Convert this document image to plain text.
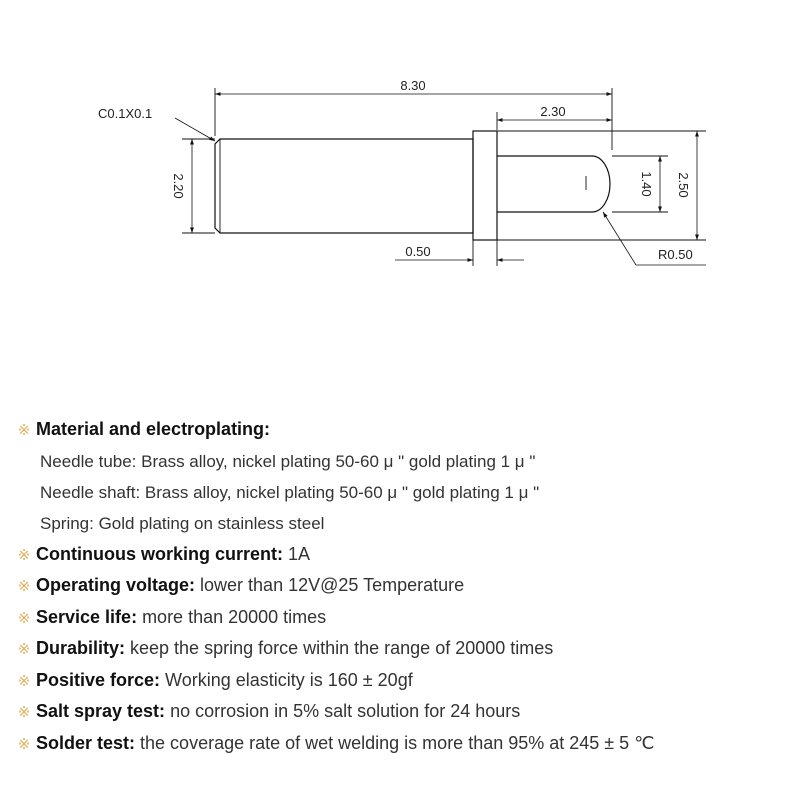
8.30
2.30
C0.1X0.1
2.20
0.50
1.40 2.50
R0.50
※ Material and electroplating:
Needle tube: Brass alloy, nickel plating 50-60 μ " gold plating 1 μ "
Needle shaft: Brass alloy, nickel plating 50-60 μ " gold plating 1 μ "
Spring: Gold plating on stainless steel
※ Continuous working current: 1A
※ Operating voltage: lower than 12V@25 Temperature
※ Service life: more than 20000 times
※ Durability: keep the spring force within the range of 20000 times
※ Positive force: Working elasticity is 160 ± 20gf
※ Salt spray test: no corrosion in 5% salt solution for 24 hours
※ Solder test: the coverage rate of wet welding is more than 95% at 245 ± 5 ℃
